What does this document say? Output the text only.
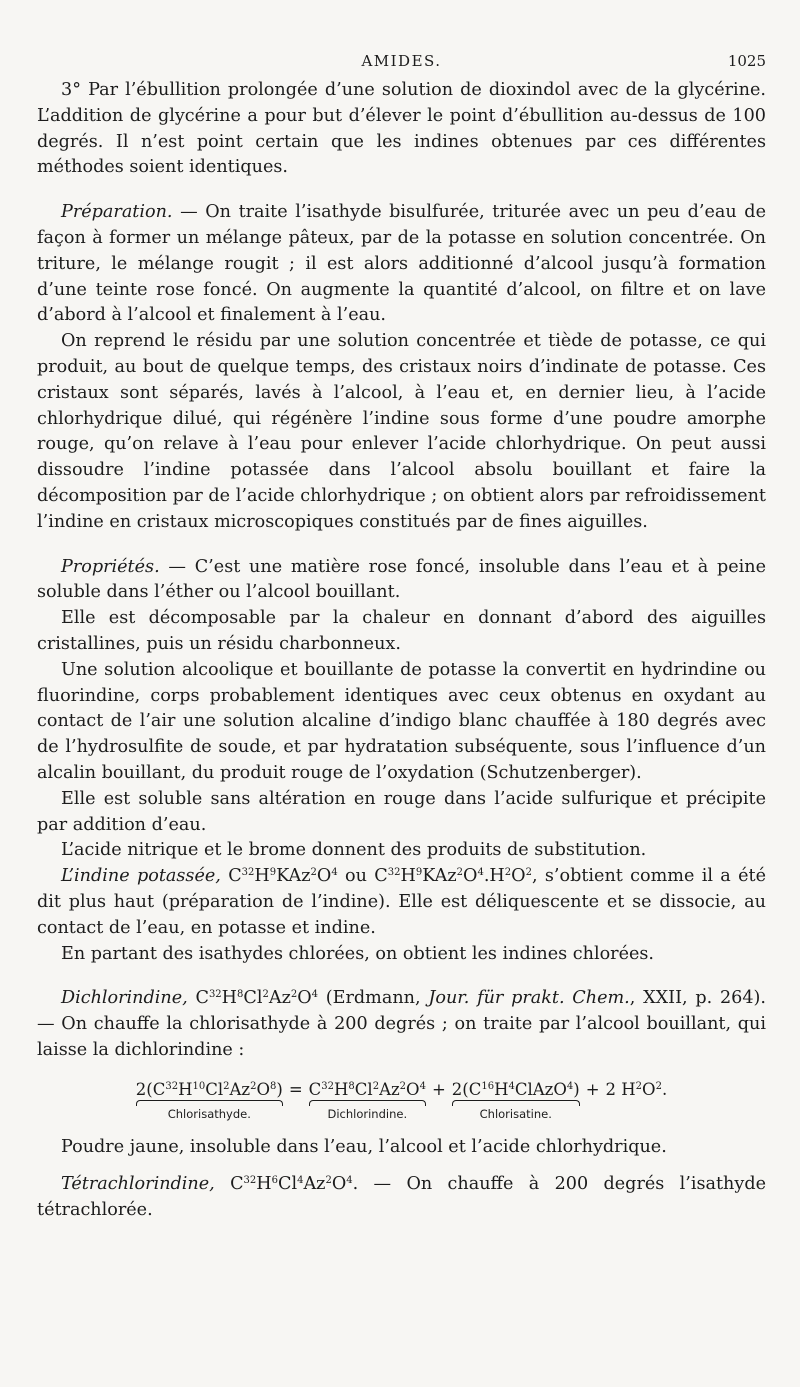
AMIDES.	1025

3° Par l’ébullition prolongée d’une solution de dioxindol avec de la glycérine. L’addition de glycérine a pour but d’élever le point d’ébullition au-dessus de 100 degrés. Il n’est point certain que les indines obtenues par ces différentes méthodes soient identiques.

Préparation. — On traite l’isathyde bisulfurée, triturée avec un peu d’eau de façon à former un mélange pâteux, par de la potasse en solution concentrée. On triture, le mélange rougit ; il est alors additionné d’alcool jusqu’à formation d’une teinte rose foncé. On augmente la quantité d’alcool, on filtre et on lave d’abord à l’alcool et finalement à l’eau.

On reprend le résidu par une solution concentrée et tiède de potasse, ce qui produit, au bout de quelque temps, des cristaux noirs d’indinate de potasse. Ces cristaux sont séparés, lavés à l’alcool, à l’eau et, en dernier lieu, à l’acide chlorhydrique dilué, qui régénère l’indine sous forme d’une poudre amorphe rouge, qu’on relave à l’eau pour enlever l’acide chlorhydrique. On peut aussi dissoudre l’indine potassée dans l’alcool absolu bouillant et faire la décomposition par de l’acide chlorhydrique ; on obtient alors par refroidissement l’indine en cristaux microscopiques constitués par de fines aiguilles.

Propriétés. — C’est une matière rose foncé, insoluble dans l’eau et à peine soluble dans l’éther ou l’alcool bouillant.

Elle est décomposable par la chaleur en donnant d’abord des aiguilles cristallines, puis un résidu charbonneux.

Une solution alcoolique et bouillante de potasse la convertit en hydrindine ou fluorindine, corps probablement identiques avec ceux obtenus en oxydant au contact de l’air une solution alcaline d’indigo blanc chauffée à 180 degrés avec de l’hydrosulfite de soude, et par hydratation subséquente, sous l’influence d’un alcalin bouillant, du produit rouge de l’oxydation (Schutzenberger).

Elle est soluble sans altération en rouge dans l’acide sulfurique et précipite par addition d’eau.

L’acide nitrique et le brome donnent des produits de substitution.

L’indine potassée, $C^{32}H^9KAz^2O^4$ ou $C^{32}H^9KAz^2O^4.H^2O^2$, s’obtient comme il a été dit plus haut (préparation de l’indine). Elle est déliquescente et se dissocie, au contact de l’eau, en potasse et indine.

En partant des isathydes chlorées, on obtient les indines chlorées.

Dichlorindine, $C^{32}H^8Cl^2Az^2O^4$ (Erdmann, Jour. für prakt. Chem., XXII, p. 264). — On chauffe la chlorisathyde à 200 degrés ; on traite par l’alcool bouillant, qui laisse la dichlorindine :

$2(C^{32}H^{10}Cl^2Az^2O^8)$
Chlorisathyde.
= $C^{32}H^8Cl^2Az^2O^4$
Dichlorindine.
+ $2(C^{16}H^4ClAzO^4)$
Chlorisatine.
+ 2 $H^2O^2$.

Poudre jaune, insoluble dans l’eau, l’alcool et l’acide chlorhydrique.

Tétrachlorindine, $C^{32}H^6Cl^4Az^2O^4$. — On chauffe à 200 degrés l’isathyde tétrachlorée.
